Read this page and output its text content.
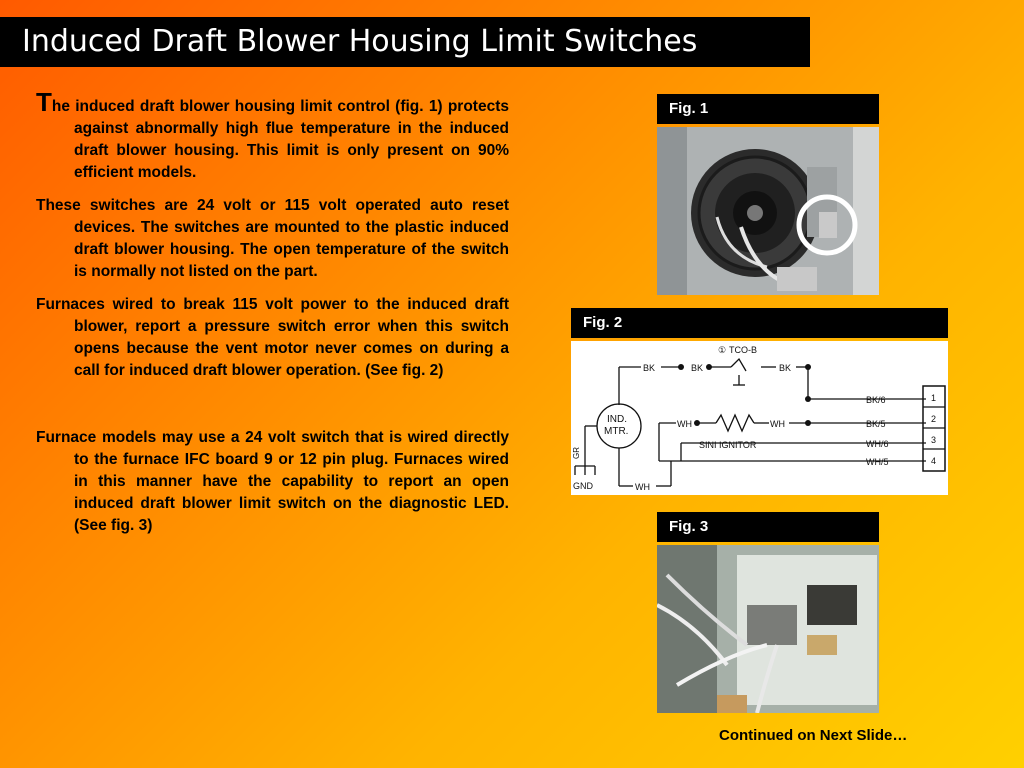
Induced Draft Blower Housing Limit Switches

The induced draft blower housing limit control (fig. 1) protects against abnormally high flue temperature in the induced draft blower housing. This limit is only present on 90% efficient models.

These switches are 24 volt or 115 volt operated auto reset devices. The switches are mounted to the plastic induced draft blower housing. The open temperature of the switch is normally not listed on the part.

Furnaces wired to break 115 volt power to the induced draft blower, report a pressure switch error when this switch opens because the vent motor never comes on during a call for induced draft blower operation. (See fig. 2)

Furnace models may use a 24 volt switch that is wired directly to the furnace IFC board 9 or 12 pin plug. Furnaces wired in this manner have the capability to report an open induced draft blower limit switch on the diagnostic LED. (See fig. 3)

Fig. 1
Fig. 2
① TCO-B
BK	BK	BK
IND.
MTR.
WH	WH
SINI IGNITOR
WH
GR
GND
BK/6
BK/5
WH/6
WH/5
1
2
3
4
Fig. 3
Continued on Next Slide…
